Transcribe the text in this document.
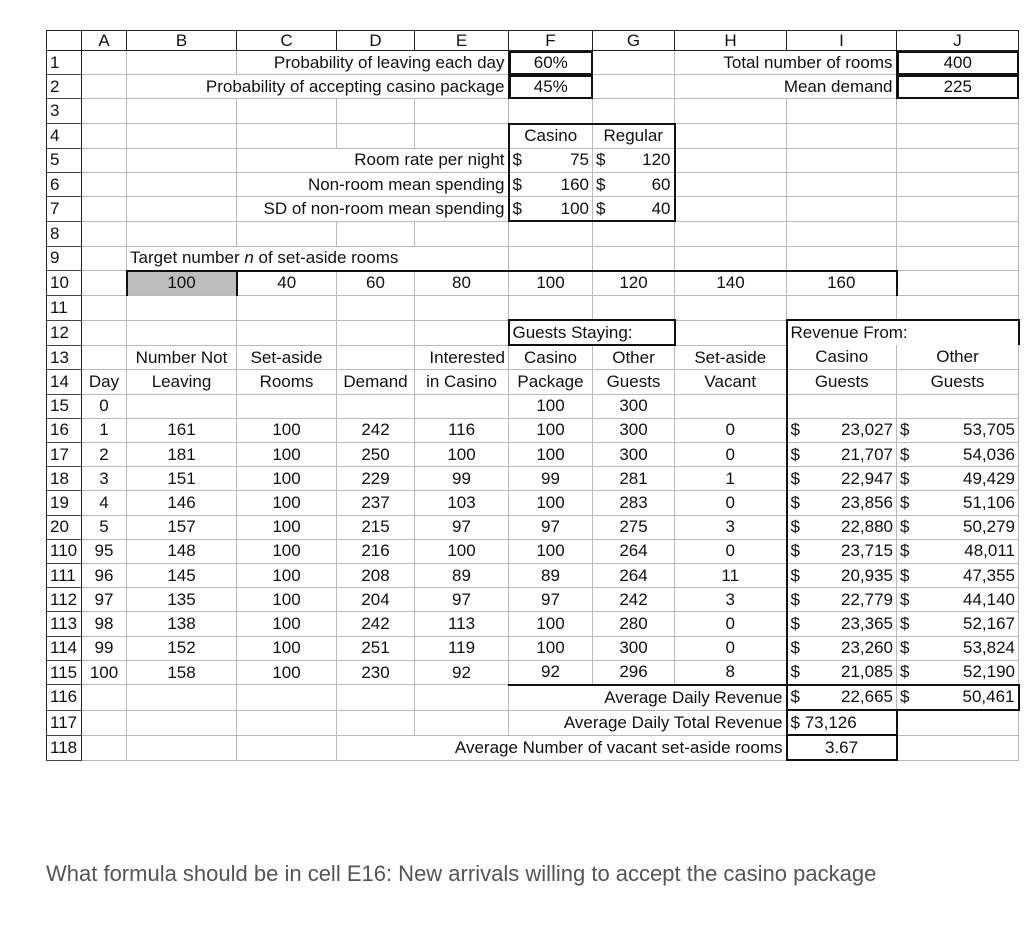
	A	B	C	D	E	F	G	H	I	J
1			Probability of leaving each day			60%		Total number of rooms		400
2		Probability of accepting casino package				45%		Mean demand		225
3										
4						Casino	Regular			
5			Room rate per night			$ 75	$ 120			

6			Non-room mean spending			$ 160	$ 60			

7			SD of non-room mean spending			$ 100	$ 40			

8										
9		Target number n of set-aside rooms								
10		100	40	60	80	100	120	140	160	
11										
12						Guests Staying:			Revenue From:	
13		Number Not	Set-aside		Interested	Casino	Other	Set-aside	Casino	Other
14	Day	Leaving	Rooms	Demand	in Casino	Package	Guests	Vacant	Guests	Guests
15	0					100	300			
16	1	161	100	242	116	100	300	0	$ 23,027	$ 53,705

17	2	181	100	250	100	100	300	0	$ 21,707	$ 54,036

18	3	151	100	229	99	99	281	1	$ 22,947	$ 49,429

19	4	146	100	237	103	100	283	0	$ 23,856	$ 51,106

20	5	157	100	215	97	97	275	3	$ 22,880	$ 50,279

110	95	148	100	216	100	100	264	0	$ 23,715	$ 48,011

111	96	145	100	208	89	89	264	11	$ 20,935	$ 47,355

112	97	135	100	204	97	97	242	3	$ 22,779	$ 44,140

113	98	138	100	242	113	100	280	0	$ 23,365	$ 52,167

114	99	152	100	251	119	100	300	0	$ 23,260	$ 53,824

115	100	158	100	230	92	92	296	8	$ 21,085	$ 52,190

116						Average Daily Revenue			$ 22,665	$ 50,461

117						Average Daily Total Revenue			$ 73,126	
118				Average Number of vacant set-aside rooms					3.67	
What formula should be in cell E16: New arrivals willing to accept the casino package
